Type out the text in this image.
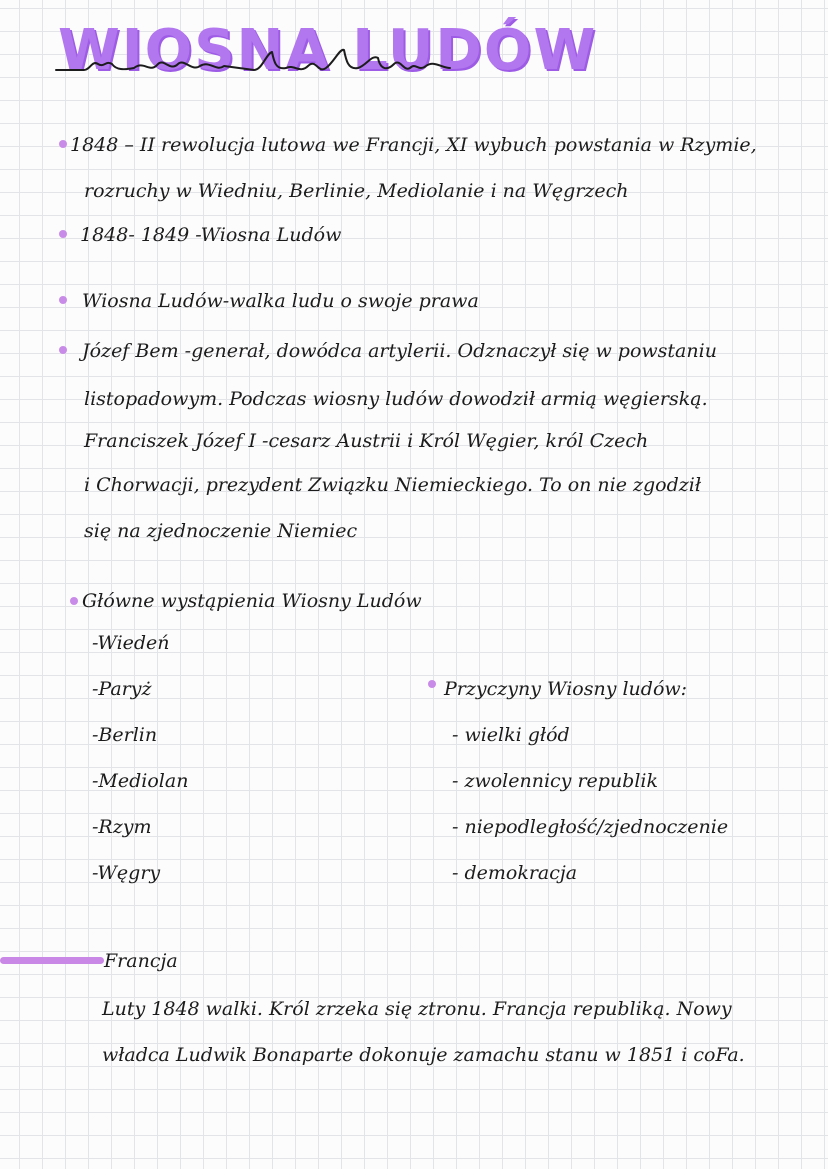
WIOSNA LUDÓW
1848 – II rewolucja lutowa we Francji, XI wybuch powstania w Rzymie,
rozruchy w Wiedniu, Berlinie, Mediolanie i na Węgrzech
1848- 1849 -Wiosna Ludów
Wiosna Ludów-walka ludu o swoje prawa
Józef Bem -generał, dowódca artylerii. Odznaczył się w powstaniu
listopadowym. Podczas wiosny ludów dowodził armią węgierską.
Franciszek Józef I -cesarz Austrii i Król Węgier, król Czech
i Chorwacji, prezydent Związku Niemieckiego. To on nie zgodził
się na zjednoczenie Niemiec
Główne wystąpienia Wiosny Ludów
-Wiedeń
-Paryż
-Berlin
-Mediolan
-Rzym
-Węgry
Przyczyny Wiosny ludów:
- wielki głód
- zwolennicy republik
- niepodległość/zjednoczenie
- demokracja
Francja
Luty 1848 walki. Król zrzeka się ztronu. Francja republiką. Nowy
władca Ludwik Bonaparte dokonuje zamachu stanu w 1851 i coFa.
